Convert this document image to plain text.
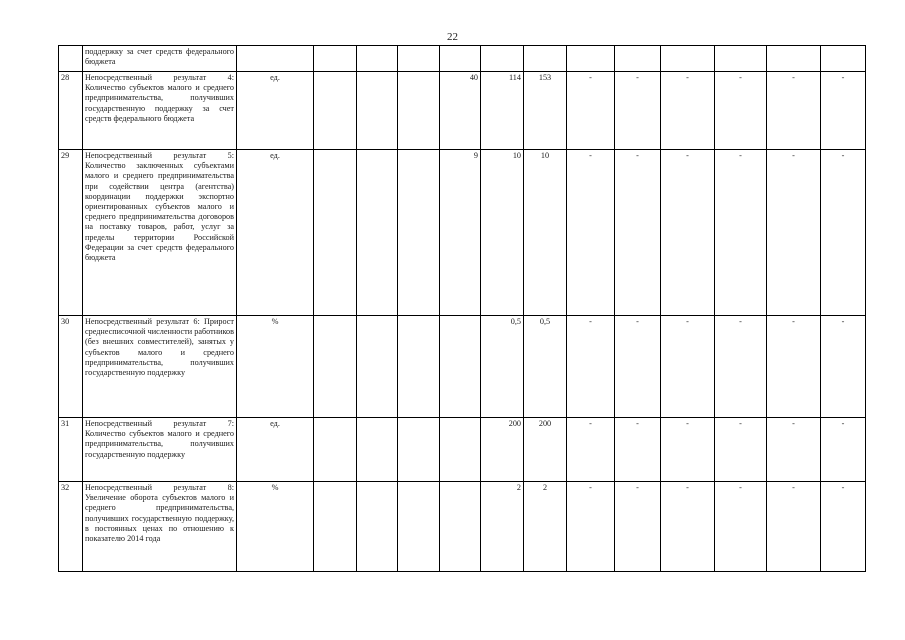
22
	поддержку за счет средств федерального бюджета													
28	Непосредственный результат 4: Количество субъектов малого и среднего предпринимательства, получивших государственную поддержку за счет средств федерального бюджета	ед.				40	114	153	-	-	-	-	-	-
29	Непосредственный результат 5: Количество заключенных субъектами малого и среднего предпринимательства при содействии центра (агентства) координации поддержки экспортно ориентированных субъектов малого и среднего предпринимательства договоров на поставку товаров, работ, услуг за пределы территории Российской Федерации за счет средств федерального бюджета	ед.				9	10	10	-	-	-	-	-	-
30	Непосредственный результат 6: Прирост среднесписочной численности работников (без внешних совместителей), занятых у субъектов малого и среднего предпринимательства, получивших государственную поддержку	%					0,5	0,5	-	-	-	-	-	-
31	Непосредственный результат 7: Количество субъектов малого и среднего предпринимательства, получивших государственную поддержку	ед.					200	200	-	-	-	-	-	-
32	Непосредственный результат 8: Увеличение оборота субъектов малого и среднего предпринимательства, получивших государственную поддержку, в постоянных ценах по отношению к показателю 2014 года	%					2	2	-	-	-	-	-	-
